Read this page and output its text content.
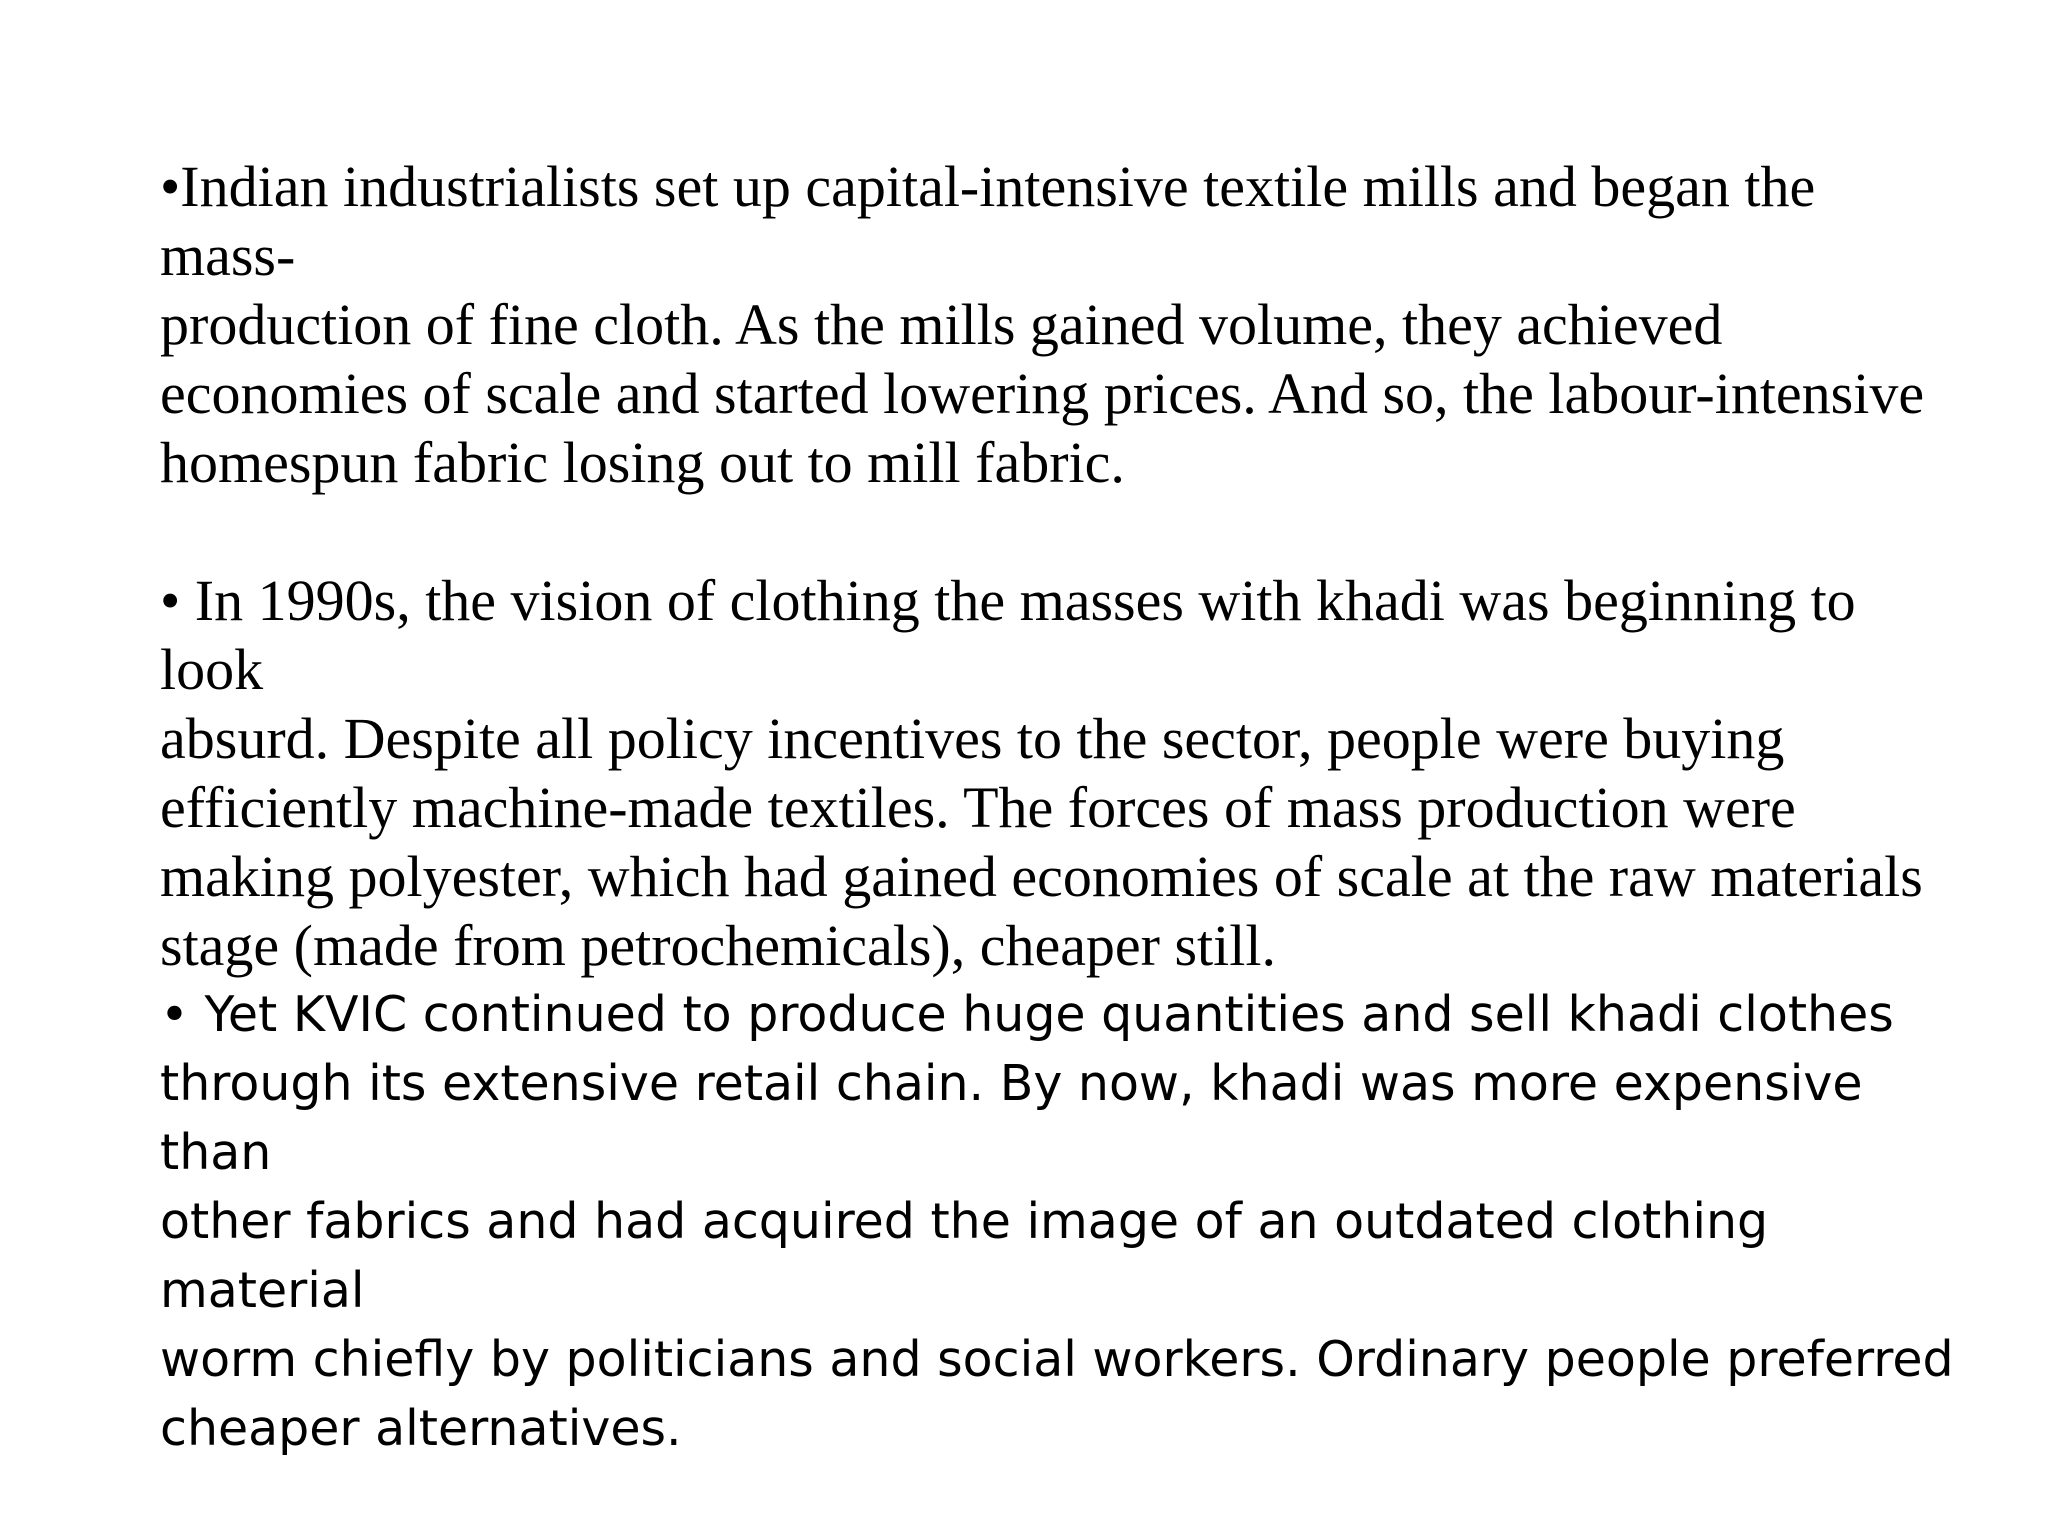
•Indian industrialists set up capital-intensive textile mills and began the mass-
production of fine cloth. As the mills gained volume, they achieved
economies of scale and started lowering prices. And so, the labour-intensive
homespun fabric losing out to mill fabric.

• In 1990s, the vision of clothing the masses with khadi was beginning to look
absurd. Despite all policy incentives to the sector, people were buying
efficiently machine-made textiles. The forces of mass production were
making polyester, which had gained economies of scale at the raw materials
stage (made from petrochemicals), cheaper still.

• Yet KVIC continued to produce huge quantities and sell khadi clothes
through its extensive retail chain. By now, khadi was more expensive than
other fabrics and had acquired the image of an outdated clothing material
worm chiefly by politicians and social workers. Ordinary people preferred
cheaper alternatives.
